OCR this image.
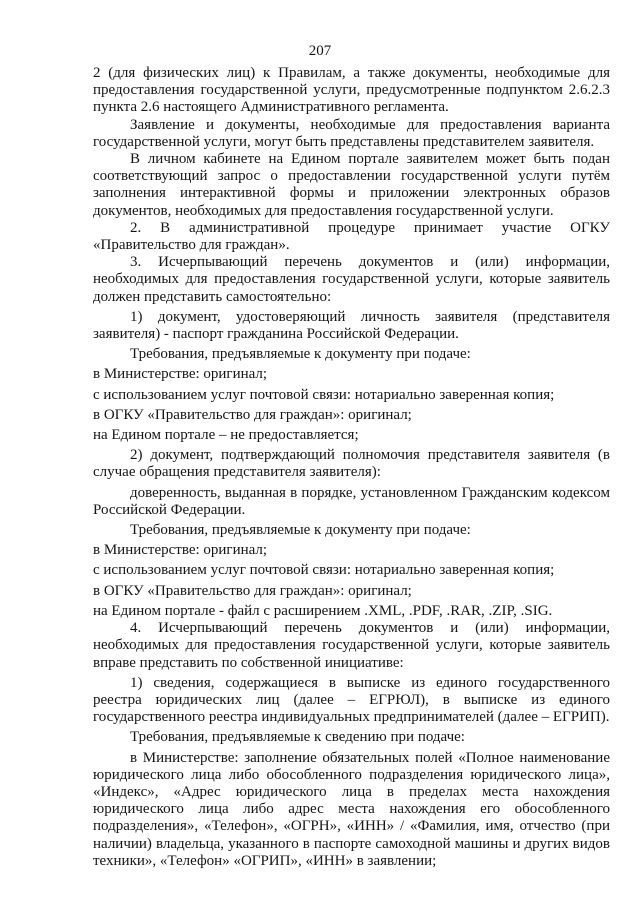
207

2 (для физических лиц) к Правилам, а также документы, необходимые для предоставления государственной услуги, предусмотренные подпунктом 2.6.2.3 пункта 2.6 настоящего Административного регламента.

Заявление и документы, необходимые для предоставления варианта государственной услуги, могут быть представлены представителем заявителя.

В личном кабинете на Едином портале заявителем может быть подан соответствующий запрос о предоставлении государственной услуги путём заполнения интерактивной формы и приложении электронных образов документов, необходимых для предоставления государственной услуги.

2. В административной процедуре принимает участие ОГКУ «Правительство для граждан».

3. Исчерпывающий перечень документов и (или) информации, необходимых для предоставления государственной услуги, которые заявитель должен представить самостоятельно:

1) документ, удостоверяющий личность заявителя (представителя заявителя) - паспорт гражданина Российской Федерации.

Требования, предъявляемые к документу при подаче:

в Министерстве: оригинал;

с использованием услуг почтовой связи: нотариально заверенная копия;

в ОГКУ «Правительство для граждан»: оригинал;

на Едином портале – не предоставляется;

2) документ, подтверждающий полномочия представителя заявителя (в случае обращения представителя заявителя):

доверенность, выданная в порядке, установленном Гражданским кодексом Российской Федерации.

Требования, предъявляемые к документу при подаче:

в Министерстве: оригинал;

с использованием услуг почтовой связи: нотариально заверенная копия;

в ОГКУ «Правительство для граждан»: оригинал;

на Едином портале - файл с расширением .XML, .PDF, .RAR, .ZIP, .SIG.

4. Исчерпывающий перечень документов и (или) информации, необходимых для предоставления государственной услуги, которые заявитель вправе представить по собственной инициативе:

1) сведения, содержащиеся в выписке из единого государственного реестра юридических лиц (далее – ЕГРЮЛ), в выписке из единого государственного реестра индивидуальных предпринимателей (далее – ЕГРИП).

Требования, предъявляемые к сведению при подаче:

в Министерстве: заполнение обязательных полей «Полное наименование юридического лица либо обособленного подразделения юридического лица», «Индекс», «Адрес юридического лица в пределах места нахождения юридического лица либо адрес места нахождения его обособленного подразделения», «Телефон», «ОГРН», «ИНН» / «Фамилия, имя, отчество (при наличии) владельца, указанного в паспорте самоходной машины и других видов техники», «Телефон» «ОГРИП», «ИНН» в заявлении;
